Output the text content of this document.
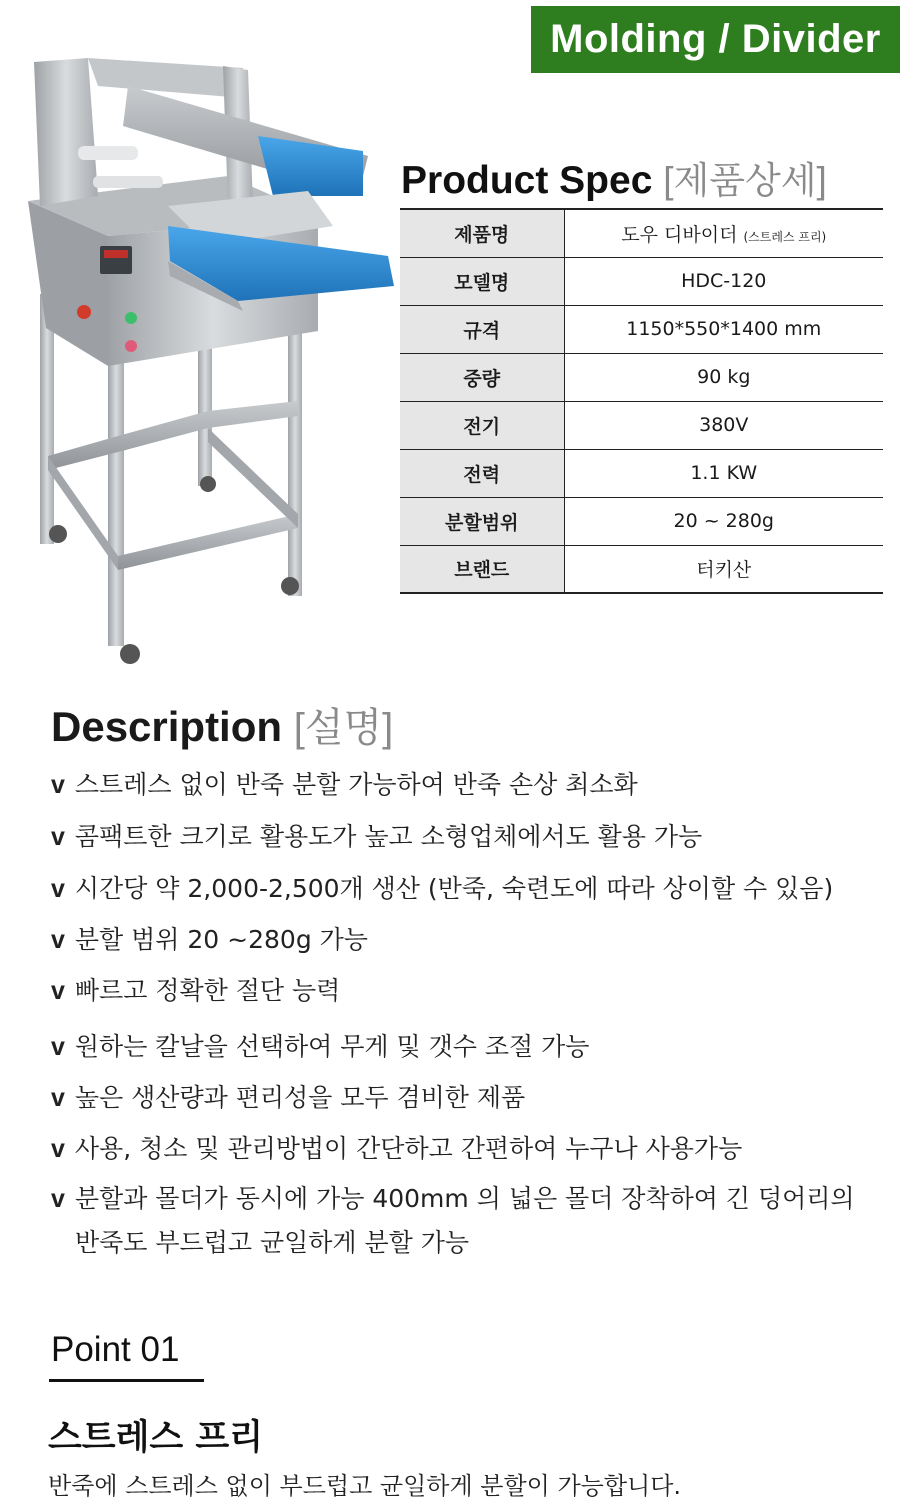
Molding / Divider
Product Spec [제품상세]
제품명	도우 디바이더 (스트레스 프리)
모델명	HDC-120
규격	1150*550*1400 mm
중량	90 kg
전기	380V
전력	1.1 KW
분할범위	20 ~ 280g
브랜드	터키산
Description [설명]
v 스트레스 없이 반죽 분할 가능하여 반죽 손상 최소화
v 콤팩트한 크기로 활용도가 높고 소형업체에서도 활용 가능
v 시간당 약 2,000-2,500개 생산 (반죽, 숙련도에 따라 상이할 수 있음)
v 분할 범위 20 ~280g 가능
v 빠르고 정확한 절단 능력
v 원하는 칼날을 선택하여 무게 및 갯수 조절 가능
v 높은 생산량과 편리성을 모두 겸비한 제품
v 사용, 청소 및 관리방법이 간단하고 간편하여 누구나 사용가능
v 분할과 몰더가 동시에 가능 400mm 의 넓은 몰더 장착하여 긴 덩어리의
반죽도 부드럽고 균일하게 분할 가능
Point 01
스트레스 프리
반죽에 스트레스 없이 부드럽고 균일하게 분할이 가능합니다.
